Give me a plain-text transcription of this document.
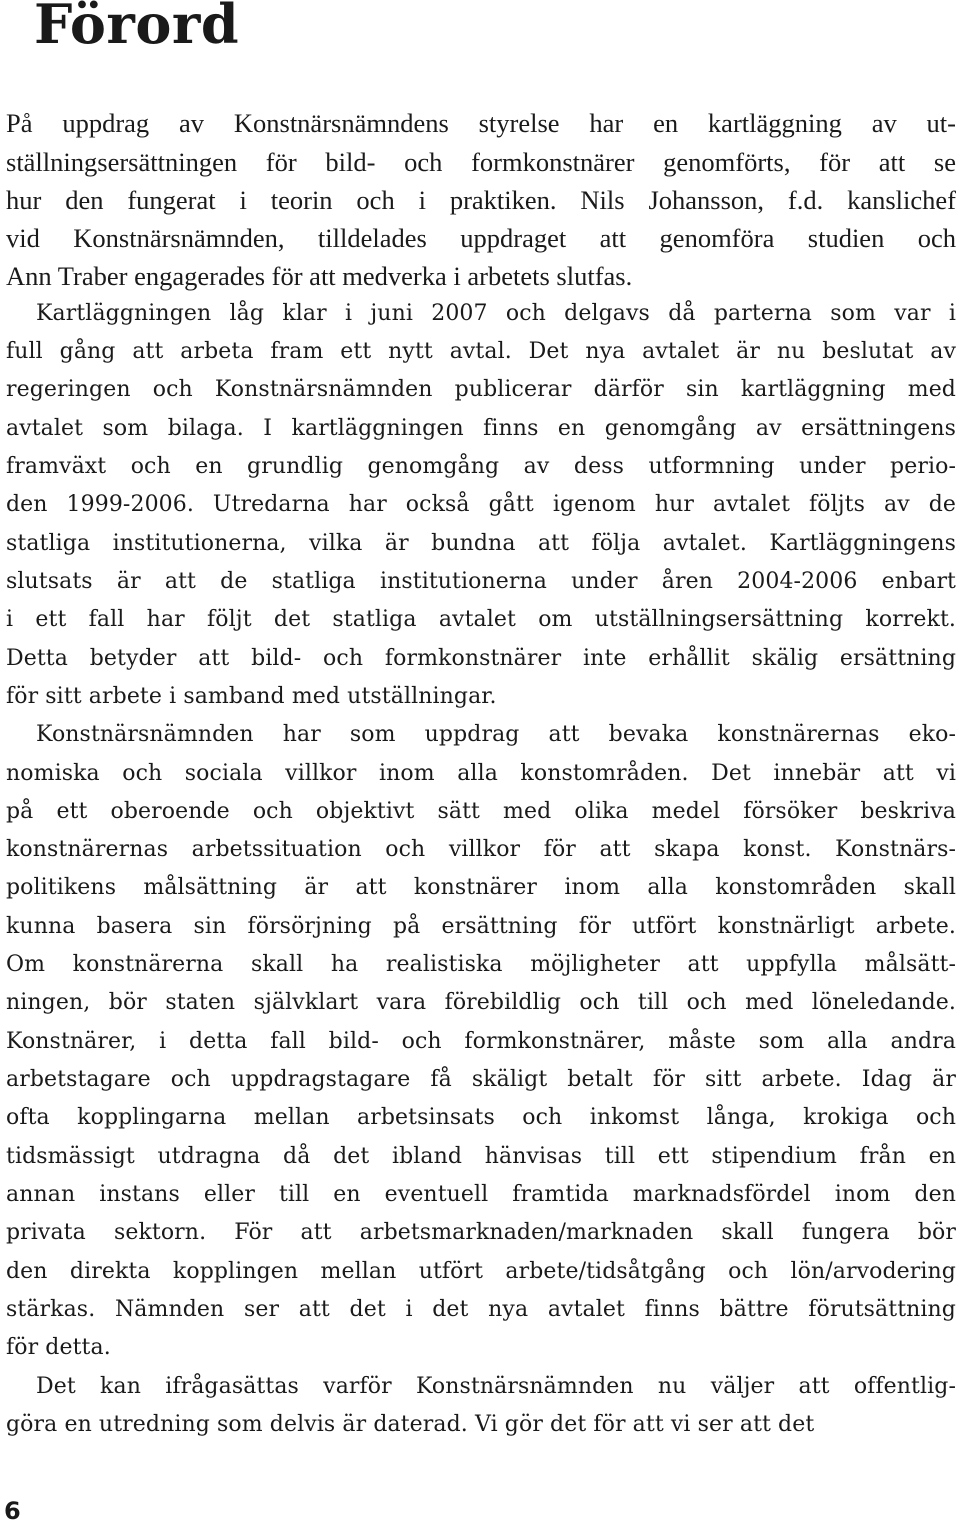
Förord
På uppdrag av Konstnärsnämndens styrelse har en kartläggning av ut-
ställningsersättningen för bild- och formkonstnärer genomförts, för att se
hur den fungerat i teorin och i praktiken. Nils Johansson, f.d. kanslichef
vid Konstnärsnämnden, tilldelades uppdraget att genomföra studien och
Ann Traber engagerades för att medverka i arbetets slutfas.
Kartläggningen låg klar i juni 2007 och delgavs då parterna som var i
full gång att arbeta fram ett nytt avtal. Det nya avtalet är nu beslutat av
regeringen och Konstnärsnämnden publicerar därför sin kartläggning med
avtalet som bilaga. I kartläggningen finns en genomgång av ersättningens
framväxt och en grundlig genomgång av dess utformning under perio-
den 1999-2006. Utredarna har också gått igenom hur avtalet följts av de
statliga institutionerna, vilka är bundna att följa avtalet. Kartläggningens
slutsats är att de statliga institutionerna under åren 2004-2006 enbart
i ett fall har följt det statliga avtalet om utställningsersättning korrekt.
Detta betyder att bild- och formkonstnärer inte erhållit skälig ersättning
för sitt arbete i samband med utställningar.
Konstnärsnämnden har som uppdrag att bevaka konstnärernas eko-
nomiska och sociala villkor inom alla konstområden. Det innebär att vi
på ett oberoende och objektivt sätt med olika medel försöker beskriva
konstnärernas arbetssituation och villkor för att skapa konst. Konstnärs-
politikens målsättning är att konstnärer inom alla konstområden skall
kunna basera sin försörjning på ersättning för utfört konstnärligt arbete.
Om konstnärerna skall ha realistiska möjligheter att uppfylla målsätt-
ningen, bör staten självklart vara förebildlig och till och med löneledande.
Konstnärer, i detta fall bild- och formkonstnärer, måste som alla andra
arbetstagare och uppdragstagare få skäligt betalt för sitt arbete. Idag är
ofta kopplingarna mellan arbetsinsats och inkomst långa, krokiga och
tidsmässigt utdragna då det ibland hänvisas till ett stipendium från en
annan instans eller till en eventuell framtida marknadsfördel inom den
privata sektorn. För att arbetsmarknaden/marknaden skall fungera bör
den direkta kopplingen mellan utfört arbete/tidsåtgång och lön/arvodering
stärkas. Nämnden ser att det i det nya avtalet finns bättre förutsättning
för detta.
Det kan ifrågasättas varför Konstnärsnämnden nu väljer att offentlig-
göra en utredning som delvis är daterad. Vi gör det för att vi ser att det
6
